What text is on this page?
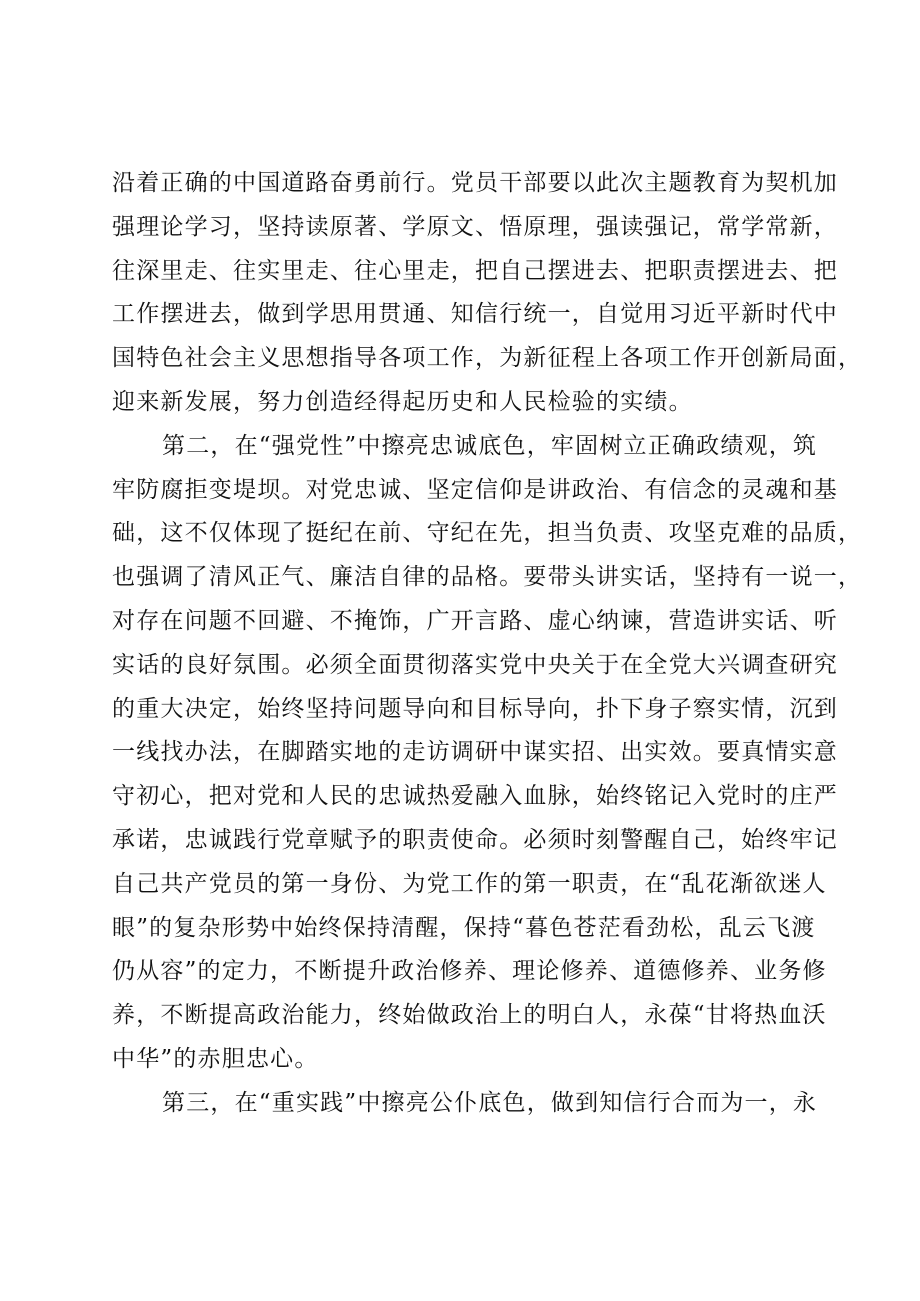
沿着正确的中国道路奋勇前行。党员干部要以此次主题教育为契机加
强理论学习，坚持读原著、学原文、悟原理，强读强记，常学常新，
往深里走、往实里走、往心里走，把自己摆进去、把职责摆进去、把
工作摆进去，做到学思用贯通、知信行统一，自觉用习近平新时代中
国特色社会主义思想指导各项工作，为新征程上各项工作开创新局面，
迎来新发展，努力创造经得起历史和人民检验的实绩。

第二，在“强党性”中擦亮忠诚底色，牢固树立正确政绩观，筑
牢防腐拒变堤坝。对党忠诚、坚定信仰是讲政治、有信念的灵魂和基
础，这不仅体现了挺纪在前、守纪在先，担当负责、攻坚克难的品质，
也强调了清风正气、廉洁自律的品格。要带头讲实话，坚持有一说一，
对存在问题不回避、不掩饰，广开言路、虚心纳谏，营造讲实话、听
实话的良好氛围。必须全面贯彻落实党中央关于在全党大兴调查研究
的重大决定，始终坚持问题导向和目标导向，扑下身子察实情，沉到
一线找办法，在脚踏实地的走访调研中谋实招、出实效。要真情实意
守初心，把对党和人民的忠诚热爱融入血脉，始终铭记入党时的庄严
承诺，忠诚践行党章赋予的职责使命。必须时刻警醒自己，始终牢记
自己共产党员的第一身份、为党工作的第一职责，在“乱花渐欲迷人
眼”的复杂形势中始终保持清醒，保持“暮色苍茫看劲松，乱云飞渡
仍从容”的定力，不断提升政治修养、理论修养、道德修养、业务修
养，不断提高政治能力，终始做政治上的明白人，永葆“甘将热血沃
中华”的赤胆忠心。

第三，在“重实践”中擦亮公仆底色，做到知信行合而为一，永
